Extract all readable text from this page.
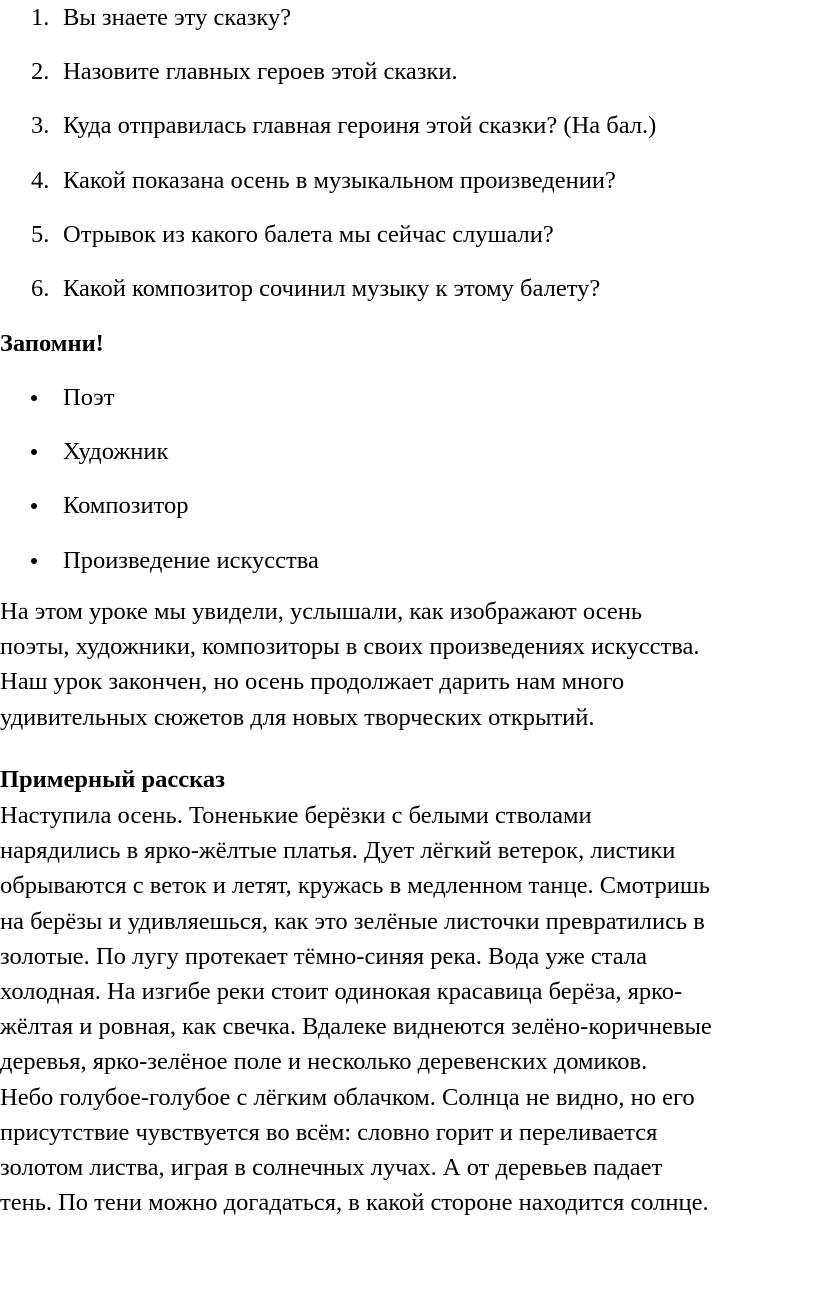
1. Вы знаете эту сказку?
2. Назовите главных героев этой сказки.
3. Куда отправилась главная героиня этой сказки? (На бал.)
4. Какой показана осень в музыкальном произведении?
5. Отрывок из какого балета мы сейчас слушали?
6. Какой композитор сочинил музыку к этому балету?
Запомни!
Поэт
Художник
Композитор
Произведение искусства
На этом уроке мы увидели, услышали, как изображают осень
поэты, художники, композиторы в своих произведениях искусства.
Наш урок закончен, но осень продолжает дарить нам много
удивительных сюжетов для новых творческих открытий.
Примерный рассказ
Наступила осень. Тоненькие берёзки с белыми стволами
нарядились в ярко-жёлтые платья. Дует лёгкий ветерок, листики
обрываются с веток и летят, кружась в медленном танце. Смотришь
на берёзы и удивляешься, как это зелёные листочки превратились в
золотые. По лугу протекает тёмно-синяя река. Вода уже стала
холодная. На изгибе реки стоит одинокая красавица берёза, ярко-
жёлтая и ровная, как свечка. Вдалеке виднеются зелёно-коричневые
деревья, ярко-зелёное поле и несколько деревенских домиков.
Небо голубое-голубое с лёгким облачком. Солнца не видно, но его
присутствие чувствуется во всём: словно горит и переливается
золотом листва, играя в солнечных лучах. А от деревьев падает
тень. По тени можно догадаться, в какой стороне находится солнце.
